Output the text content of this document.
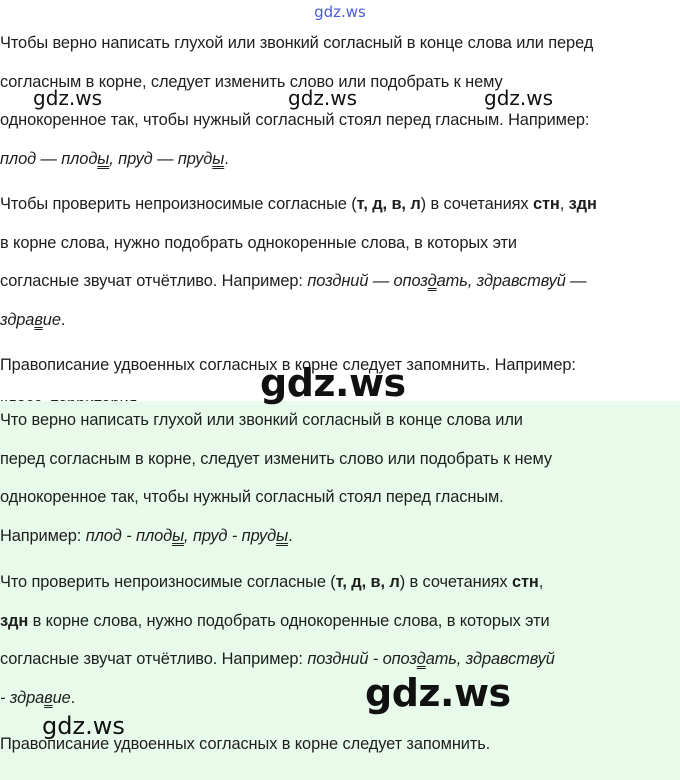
gdz.ws

Чтобы верно написать глухой или звонкий согласный в конце слова или перед
согласным в корне, следует изменить слово или подобрать к нему
однокоренное так, чтобы нужный согласный стоял перед гласным. Например:
плод — плоды, пруд — пруды.

Чтобы проверить непроизносимые согласные (т, д, в, л) в сочетаниях стн, здн
в корне слова, нужно подобрать однокоренные слова, в которых эти
согласные звучат отчётливо. Например: поздний — опоздать, здравствуй —
здравие.

Правописание удвоенных согласных в корне следует запомнить. Например:

Что верно написать глухой или звонкий согласный в конце слова или
перед согласным в корне, следует изменить слово или подобрать к нему
однокоренное так, чтобы нужный согласный стоял перед гласным.
Например: плод - плоды, пруд - пруды.

Что проверить непроизносимые согласные (т, д, в, л) в сочетаниях стн,
здн в корне слова, нужно подобрать однокоренные слова, в которых эти
согласные звучат отчётливо. Например: поздний - опоздать, здравствуй
- здравие.

Правописание удвоенных согласных в корне следует запомнить.

gdz.ws	gdz.ws	gdz.ws
gdz.ws
gdz.ws
gdz.ws
